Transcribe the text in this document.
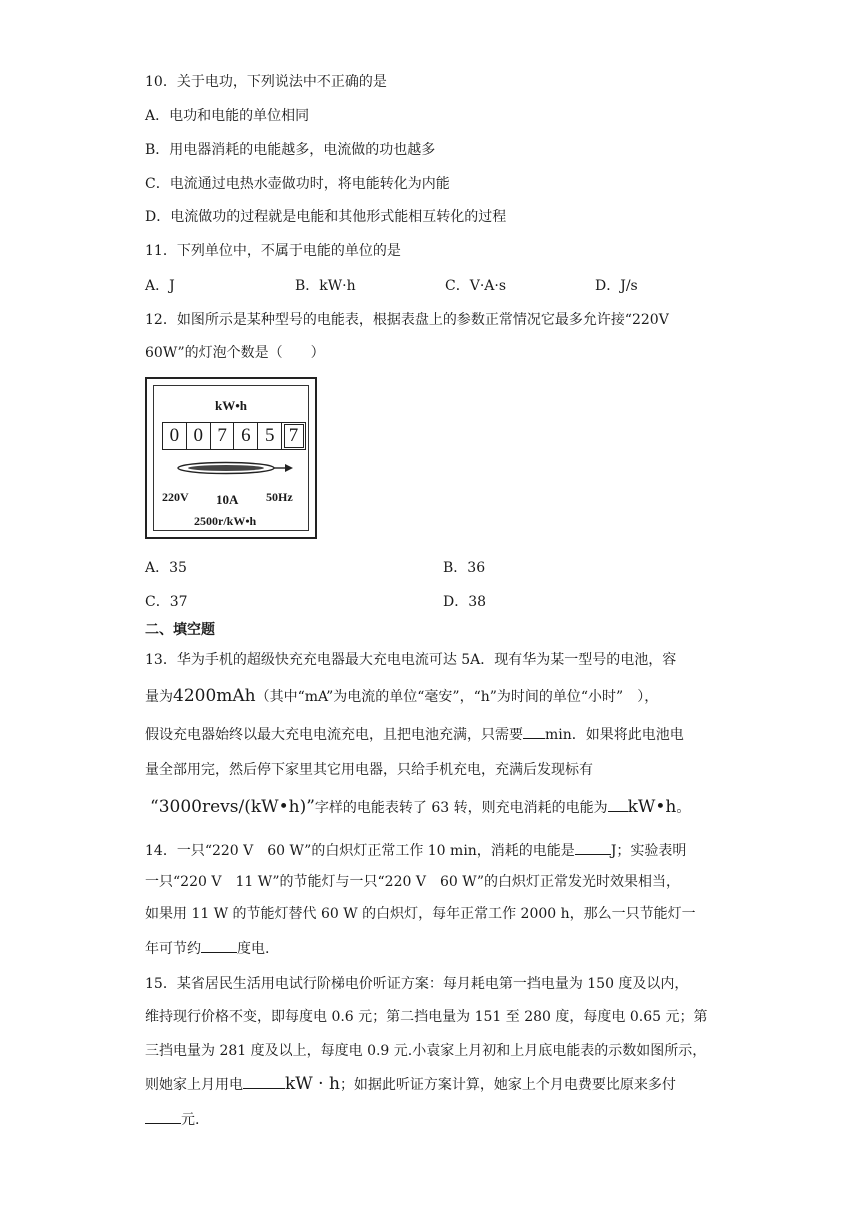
10．关于电功，下列说法中不正确的是
A．电功和电能的单位相同
B．用电器消耗的电能越多，电流做的功也越多
C．电流通过电热水壶做功时，将电能转化为内能
D．电流做功的过程就是电能和其他形式能相互转化的过程
11．下列单位中，不属于电能的单位的是
A．J	B．kW·h	C．V·A·s	D．J/s
12．如图所示是某种型号的电能表，根据表盘上的参数正常情况它最多允许接“220V
60W”的灯泡个数是（　　）
kW•h
0 0 7 6 5 7
220V 10A 50Hz
2500r/kW•h
A．35	B．36
C．37	D．38
二、填空题
13．华为手机的超级快充充电器最大充电电流可达 5A．现有华为某一型号的电池，容
量为4200mAh（其中“mA”为电流的单位“毫安”，“h”为时间的单位“小时”　），
假设充电器始终以最大充电电流充电，且把电池充满，只需要 min．如果将此电池电
量全部用完，然后停下家里其它用电器，只给手机充电，充满后发现标有
“3000revs/(kW•h)”字样的电能表转了 63 转，则充电消耗的电能为 kW•h。
14．一只“220 V　60 W”的白炽灯正常工作 10 min，消耗的电能是	J；实验表明
一只“220 V　11 W”的节能灯与一只“220 V　60 W”的白炽灯正常发光时效果相当，
如果用 11 W 的节能灯替代 60 W 的白炽灯，每年正常工作 2000 h，那么一只节能灯一
年可节约	度电.
15．某省居民生活用电试行阶梯电价听证方案：每月耗电第一挡电量为 150 度及以内，
维持现行价格不变，即每度电 0.6 元；第二挡电量为 151 至 280 度，每度电 0.65 元；第
三挡电量为 281 度及以上，每度电 0.9 元.小袁家上月初和上月底电能表的示数如图所示，
则她家上月用电 kW · h；如据此听证方案计算，她家上个月电费要比原来多付
元.
